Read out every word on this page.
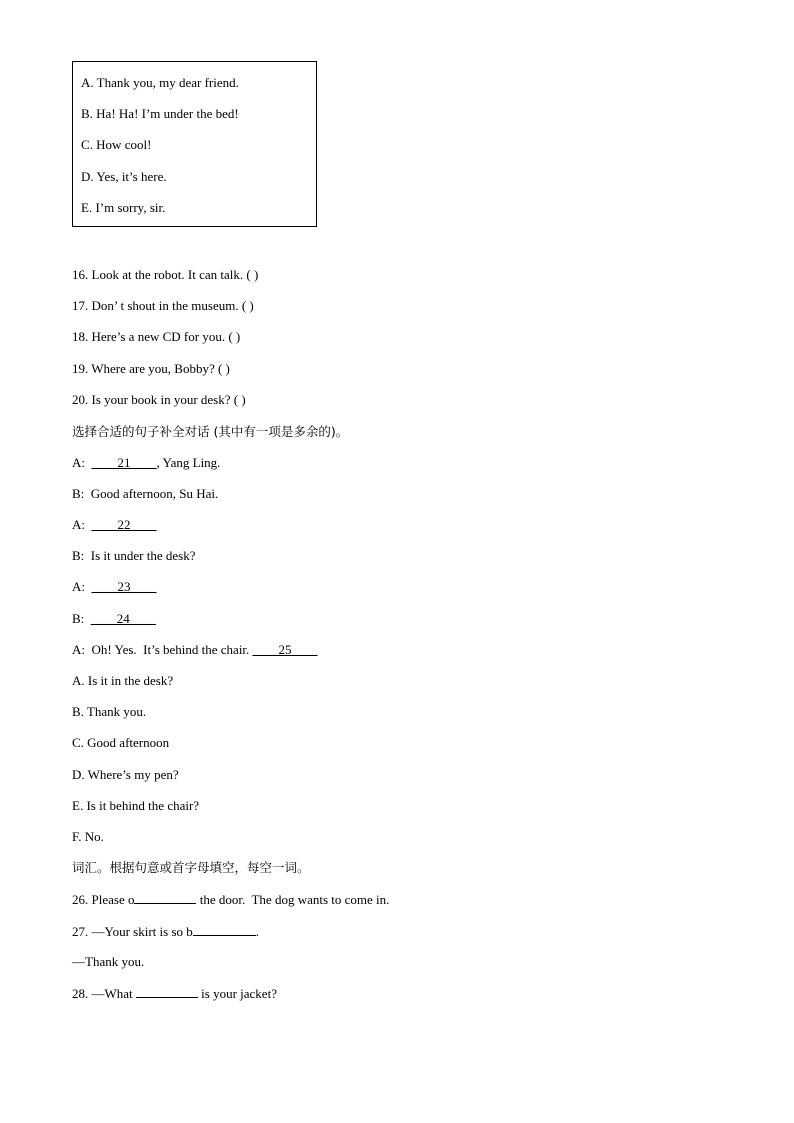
A. Thank you, my dear friend.
B. Ha! Ha! I’m under the bed!
C. How cool!
D. Yes, it’s here.
E. I’m sorry, sir.
16. Look at the robot. It can talk. ( )
17. Don’ t shout in the museum. ( )
18. Here’s a new CD for you. ( )
19. Where are you, Bobby? ( )
20. Is your book in your desk? ( )
选择合适的句子补全对话 (其中有一项是多余的)。
A:  ____21____, Yang Ling.
B:  Good afternoon, Su Hai.
A:  ____22____
B:  Is it under the desk?
A:  ____23____
B:  ____24____
A:  Oh! Yes.  It’s behind the chair. ____25____
A. Is it in the desk?
B. Thank you.
C. Good afternoon
D. Where’s my pen?
E. Is it behind the chair?
F. No.
词汇。根据句意或首字母填空，每空一词。
26. Please o	the door.  The dog wants to come in.
27. —Your skirt is so b	.
—Thank you.
28. —What	is your jacket?
